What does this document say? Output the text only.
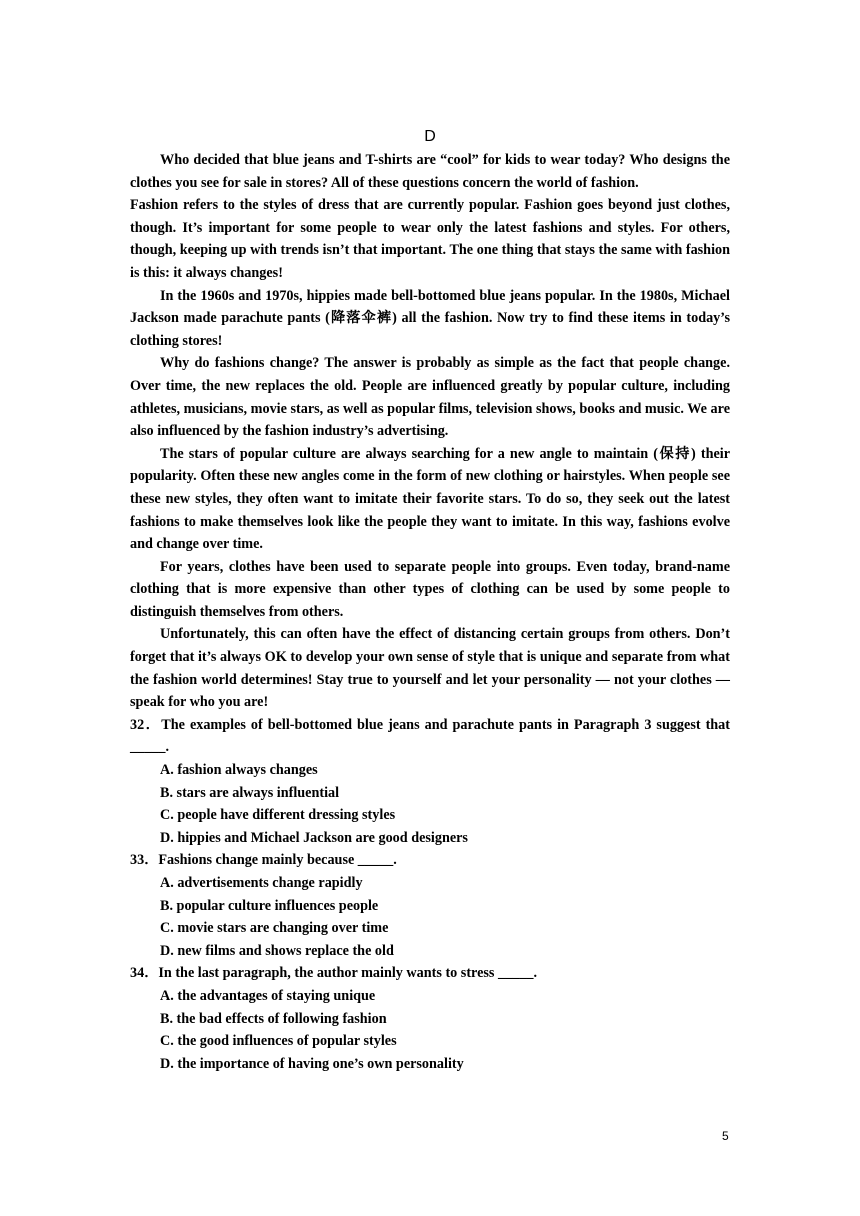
D

Who decided that blue jeans and T-shirts are “cool” for kids to wear today? Who designs the clothes you see for sale in stores? All of these questions concern the world of fashion.

Fashion refers to the styles of dress that are currently popular. Fashion goes beyond just clothes, though. It’s important for some people to wear only the latest fashions and styles. For others, though, keeping up with trends isn’t that important. The one thing that stays the same with fashion is this: it always changes!

In the 1960s and 1970s, hippies made bell-bottomed blue jeans popular. In the 1980s, Michael Jackson made parachute pants (降落伞裤) all the fashion. Now try to find these items in today’s clothing stores!

Why do fashions change? The answer is probably as simple as the fact that people change. Over time, the new replaces the old. People are influenced greatly by popular culture, including athletes, musicians, movie stars, as well as popular films, television shows, books and music. We are also influenced by the fashion industry’s advertising.

The stars of popular culture are always searching for a new angle to maintain (保持) their popularity. Often these new angles come in the form of new clothing or hairstyles. When people see these new styles, they often want to imitate their favorite stars. To do so, they seek out the latest fashions to make themselves look like the people they want to imitate. In this way, fashions evolve and change over time.

For years, clothes have been used to separate people into groups. Even today, brand-name clothing that is more expensive than other types of clothing can be used by some people to distinguish themselves from others.

Unfortunately, this can often have the effect of distancing certain groups from others. Don’t forget that it’s always OK to develop your own sense of style that is unique and separate from what the fashion world determines! Stay true to yourself and let your personality — not your clothes — speak for who you are!

32．The examples of bell-bottomed blue jeans and parachute pants in Paragraph 3 suggest that _____.

A. fashion always changes

B. stars are always influential

C. people have different dressing styles

D. hippies and Michael Jackson are good designers

33．Fashions change mainly because _____.

A. advertisements change rapidly

B. popular culture influences people

C. movie stars are changing over time

D. new films and shows replace the old

34．In the last paragraph, the author mainly wants to stress _____.

A. the advantages of staying unique

B. the bad effects of following fashion

C. the good influences of popular styles

D. the importance of having one’s own personality

5
